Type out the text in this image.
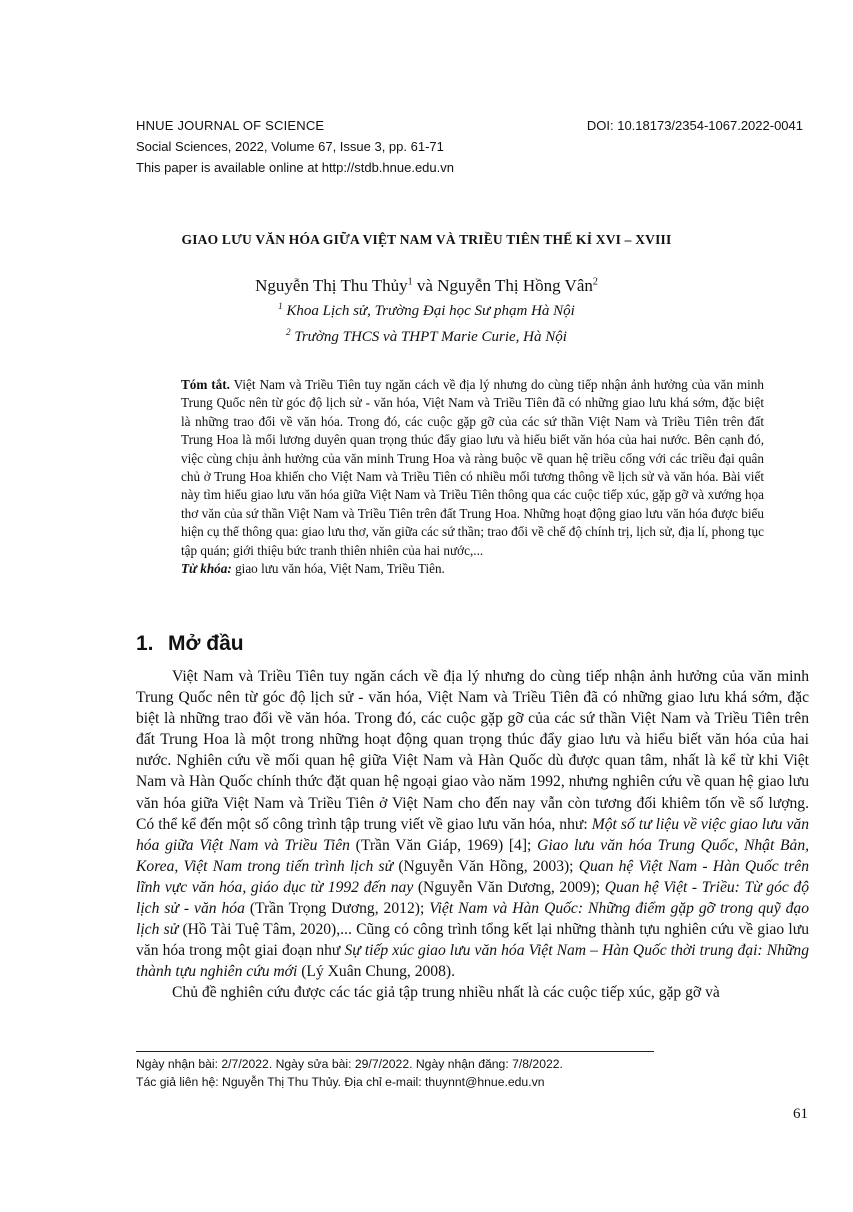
HNUE JOURNAL OF SCIENCE	DOI: 10.18173/2354-1067.2022-0041
Social Sciences, 2022, Volume 67, Issue 3, pp. 61-71
This paper is available online at http://stdb.hnue.edu.vn
GIAO LƯU VĂN HÓA GIỮA VIỆT NAM VÀ TRIỀU TIÊN THẾ KỈ XVI – XVIII
Nguyễn Thị Thu Thủy$^1$ và Nguyễn Thị Hồng Vân$^2$
$^1$ Khoa Lịch sử, Trường Đại học Sư phạm Hà Nội
$^2$ Trường THCS và THPT Marie Curie, Hà Nội

Tóm tắt. Việt Nam và Triều Tiên tuy ngăn cách về địa lý nhưng do cùng tiếp nhận ảnh hưởng của văn minh Trung Quốc nên từ góc độ lịch sử - văn hóa, Việt Nam và Triều Tiên đã có những giao lưu khá sớm, đặc biệt là những trao đổi về văn hóa. Trong đó, các cuộc gặp gỡ của các sứ thần Việt Nam và Triều Tiên trên đất Trung Hoa là mối lương duyên quan trọng thúc đẩy giao lưu và hiểu biết văn hóa của hai nước. Bên cạnh đó, việc cùng chịu ảnh hưởng của văn minh Trung Hoa và ràng buộc về quan hệ triều cống với các triều đại quân chủ ở Trung Hoa khiến cho Việt Nam và Triều Tiên có nhiều mối tương thông về lịch sử và văn hóa. Bài viết này tìm hiểu giao lưu văn hóa giữa Việt Nam và Triều Tiên thông qua các cuộc tiếp xúc, gặp gỡ và xướng họa thơ văn của sứ thần Việt Nam và Triều Tiên trên đất Trung Hoa. Những hoạt động giao lưu văn hóa được biểu hiện cụ thể thông qua: giao lưu thơ, văn giữa các sứ thần; trao đổi về chế độ chính trị, lịch sử, địa lí, phong tục tập quán; giới thiệu bức tranh thiên nhiên của hai nước,...

Từ khóa: giao lưu văn hóa, Việt Nam, Triều Tiên.

1. Mở đầu

Việt Nam và Triều Tiên tuy ngăn cách về địa lý nhưng do cùng tiếp nhận ảnh hưởng của văn minh Trung Quốc nên từ góc độ lịch sử - văn hóa, Việt Nam và Triều Tiên đã có những giao lưu khá sớm, đặc biệt là những trao đổi về văn hóa. Trong đó, các cuộc gặp gỡ của các sứ thần Việt Nam và Triều Tiên trên đất Trung Hoa là một trong những hoạt động quan trọng thúc đẩy giao lưu và hiểu biết văn hóa của hai nước. Nghiên cứu về mối quan hệ giữa Việt Nam và Hàn Quốc dù được quan tâm, nhất là kể từ khi Việt Nam và Hàn Quốc chính thức đặt quan hệ ngoại giao vào năm 1992, nhưng nghiên cứu về quan hệ giao lưu văn hóa giữa Việt Nam và Triều Tiên ở Việt Nam cho đến nay vẫn còn tương đối khiêm tốn về số lượng. Có thể kể đến một số công trình tập trung viết về giao lưu văn hóa, như: Một số tư liệu về việc giao lưu văn hóa giữa Việt Nam và Triều Tiên (Trần Văn Giáp, 1969) [4]; Giao lưu văn hóa Trung Quốc, Nhật Bản, Korea, Việt Nam trong tiến trình lịch sử (Nguyễn Văn Hồng, 2003); Quan hệ Việt Nam - Hàn Quốc trên lĩnh vực văn hóa, giáo dục từ 1992 đến nay (Nguyễn Văn Dương, 2009); Quan hệ Việt - Triều: Từ góc độ lịch sử - văn hóa (Trần Trọng Dương, 2012); Việt Nam và Hàn Quốc: Những điểm gặp gỡ trong quỹ đạo lịch sử (Hồ Tài Tuệ Tâm, 2020),... Cũng có công trình tổng kết lại những thành tựu nghiên cứu về giao lưu văn hóa trong một giai đoạn như Sự tiếp xúc giao lưu văn hóa Việt Nam – Hàn Quốc thời trung đại: Những thành tựu nghiên cứu mới (Lý Xuân Chung, 2008).

Chủ đề nghiên cứu được các tác giả tập trung nhiều nhất là các cuộc tiếp xúc, gặp gỡ và

Ngày nhận bài: 2/7/2022. Ngày sửa bài: 29/7/2022. Ngày nhận đăng: 7/8/2022.
Tác giả liên hệ: Nguyễn Thị Thu Thủy. Địa chỉ e-mail: thuynnt@hnue.edu.vn
61
